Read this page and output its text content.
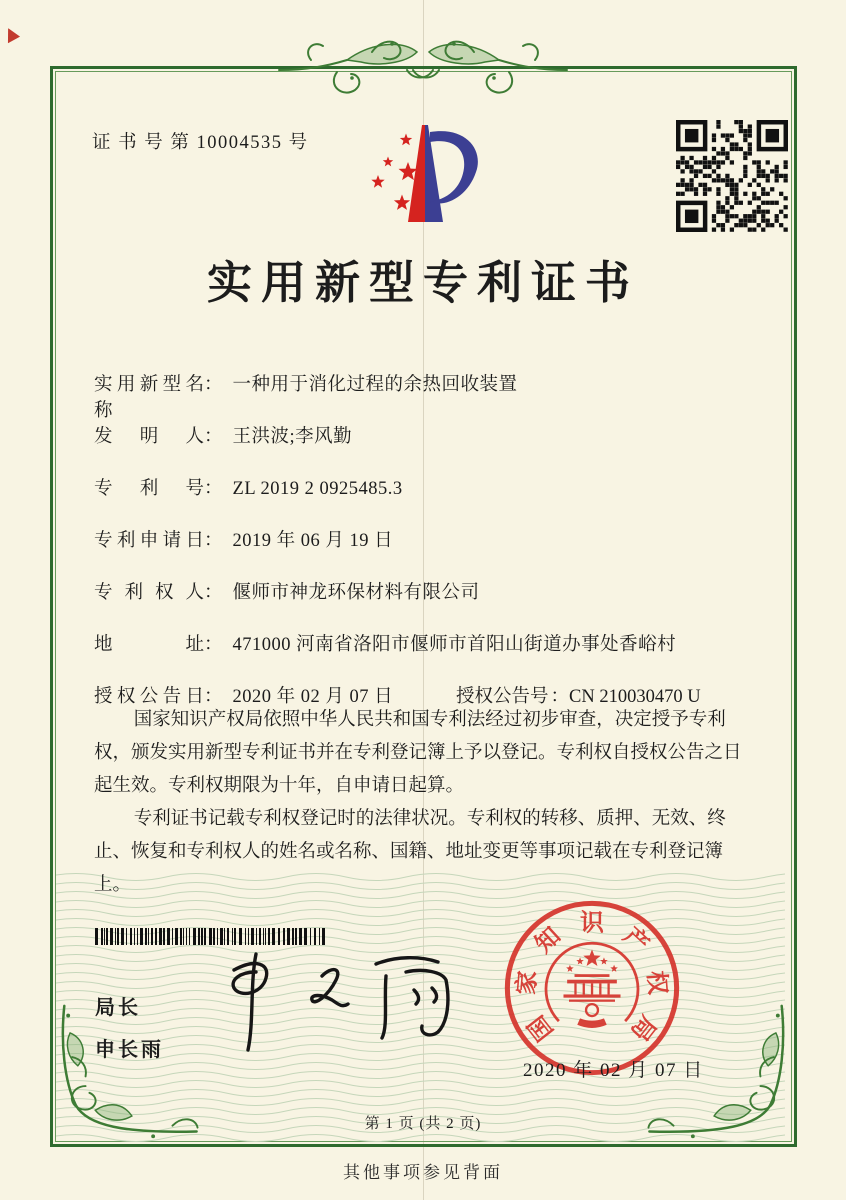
证 书 号 第 10004535 号
实用新型专利证书
实用新型名称： 一种用于消化过程的余热回收装置
发明人： 王洪波;李风勤
专利号： ZL 2019 2 0925485.3
专利申请日： 2019 年 06 月 19 日
专利权人： 偃师市神龙环保材料有限公司
地址： 471000 河南省洛阳市偃师市首阳山街道办事处香峪村
授权公告日： 2020 年 02 月 07 日	授权公告号 ：CN 210030470 U

国家知识产权局依照中华人民共和国专利法经过初步审查，决定授予专利权，颁发实用新型专利证书并在专利登记簿上予以登记。专利权自授权公告之日起生效。专利权期限为十年，自申请日起算。

专利证书记载专利权登记时的法律状况。专利权的转移、质押、无效、终止、恢复和专利权人的姓名或名称、国籍、地址变更等事项记载在专利登记簿上。

局长
申长雨
国
家
知 识 产
权
局
2020 年 02 月 07 日
第 1 页 (共 2 页)
其他事项参见背面
